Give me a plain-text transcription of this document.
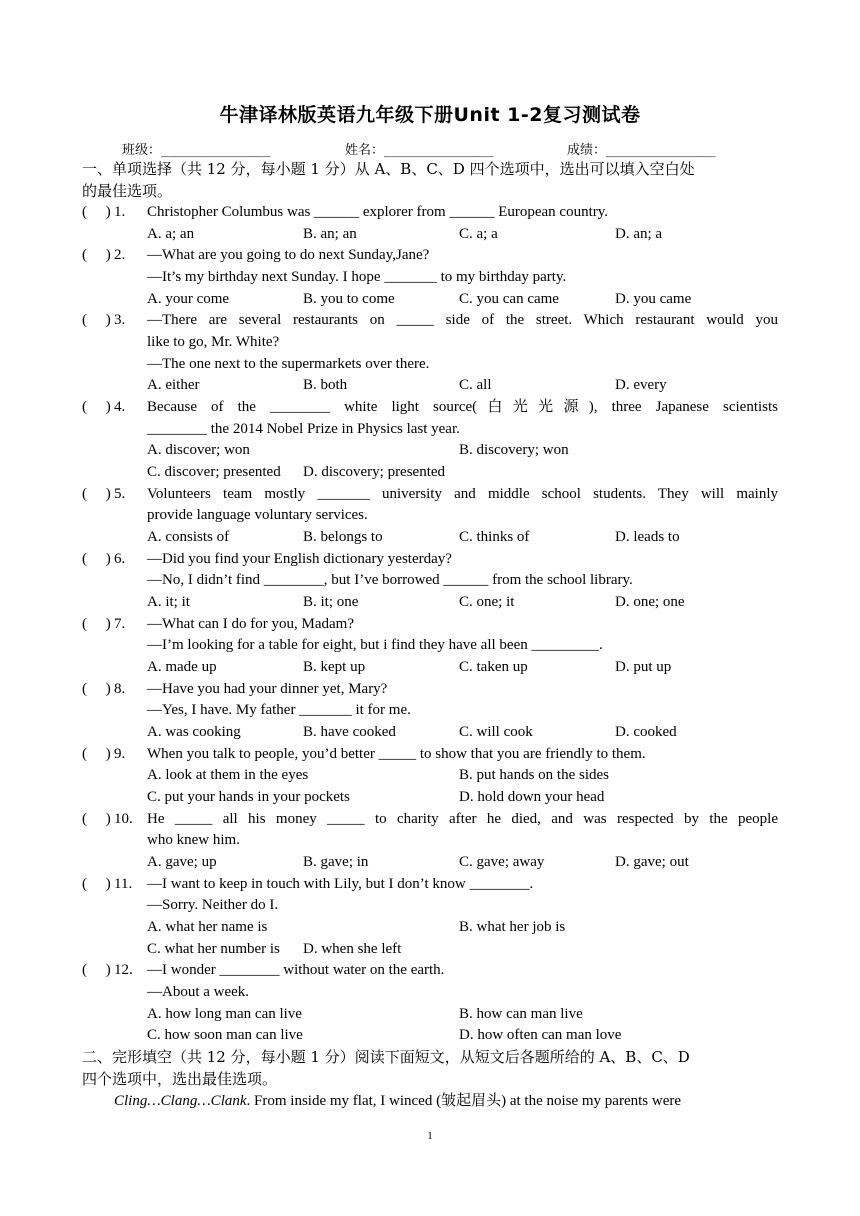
牛津译林版英语九年级下册Unit 1-2复习测试卷
班级：______________	姓名：______________	成绩：______________
一、单项选择（共 12 分，每小题 1 分）从 A、B、C、D 四个选项中，选出可以填入空白处
的最佳选项。
(　 ) 1. Christopher Columbus was ______ explorer from ______ European country.
A. a; an	B. an; an	C. a; a	D. an; a
(　 ) 2. —What are you going to do next Sunday,Jane?
—It’s my birthday next Sunday. I hope _______ to my birthday party.
A. your come	B. you to come	C. you can came	D. you came
(　 ) 3. —There are several restaurants on _____ side of the street. Which restaurant would you
like to go, Mr. White?
—The one next to the supermarkets over there.
A. either	B. both	C. all	D. every
(　 ) 4. Because of the ________ white light source(白光光源), three Japanese scientists
________ the 2014 Nobel Prize in Physics last year.
A. discover; won	B. discovery; won
C. discover; presented D. discovery; presented
(　 ) 5. Volunteers team mostly _______ university and middle school students. They will mainly
provide language voluntary services.
A. consists of	B. belongs to	C. thinks of	D. leads to
(　 ) 6. —Did you find your English dictionary yesterday?
—No, I didn’t find ________, but I’ve borrowed ______ from the school library.
A. it; it	B. it; one	C. one; it	D. one; one
(　 ) 7. —What can I do for you, Madam?
—I’m looking for a table for eight, but i find they have all been _________.
A. made up	B. kept up	C. taken up	D. put up
(　 ) 8. —Have you had your dinner yet, Mary?
—Yes, I have. My father _______ it for me.
A. was cooking	B. have cooked	C. will cook	D. cooked
(　 ) 9. When you talk to people, you’d better _____ to show that you are friendly to them.
A. look at them in the eyes	B. put hands on the sides
C. put your hands in your pockets	D. hold down your head
(　 ) 10. He _____ all his money _____ to charity after he died, and was respected by the people
who knew him.
A. gave; up	B. gave; in	C. gave; away	D. gave; out
(　 ) 11. —I want to keep in touch with Lily, but I don’t know ________.
—Sorry. Neither do I.
A. what her name is	B. what her job is
C. what her number is D. when she left
(　 ) 12. —I wonder ________ without water on the earth.
—About a week.
A. how long man can live	B. how can man live
C. how soon man can live	D. how often can man love
二、完形填空（共 12 分，每小题 1 分）阅读下面短文，从短文后各题所给的 A、B、C、D
四个选项中，选出最佳选项。
Cling…Clang…Clank. From inside my flat, I winced (皱起眉头) at the noise my parents were
1
